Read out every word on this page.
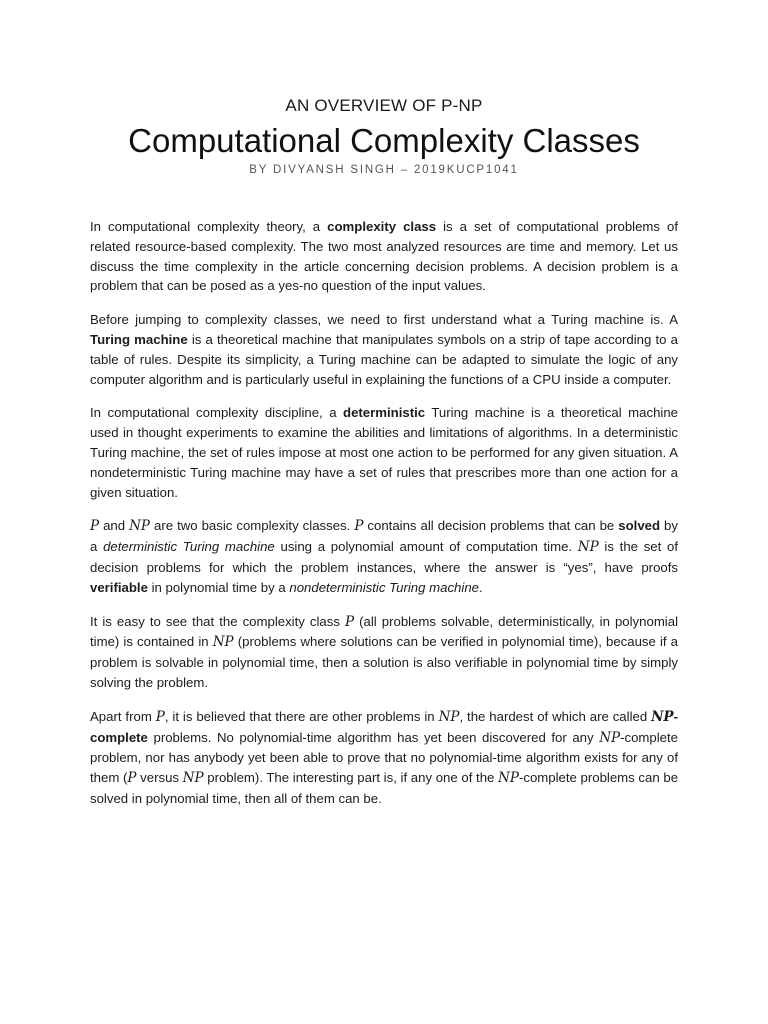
AN OVERVIEW OF P-NP
Computational Complexity Classes
BY DIVYANSH SINGH – 2019KUCP1041

In computational complexity theory, a complexity class is a set of computational problems of related resource-based complexity. The two most analyzed resources are time and memory. Let us discuss the time complexity in the article concerning decision problems. A decision problem is a problem that can be posed as a yes-no question of the input values.

Before jumping to complexity classes, we need to first understand what a Turing machine is. A Turing machine is a theoretical machine that manipulates symbols on a strip of tape according to a table of rules. Despite its simplicity, a Turing machine can be adapted to simulate the logic of any computer algorithm and is particularly useful in explaining the functions of a CPU inside a computer.

In computational complexity discipline, a deterministic Turing machine is a theoretical machine used in thought experiments to examine the abilities and limitations of algorithms. In a deterministic Turing machine, the set of rules impose at most one action to be performed for any given situation. A nondeterministic Turing machine may have a set of rules that prescribes more than one action for a given situation.

P and NP are two basic complexity classes. P contains all decision problems that can be solved by a deterministic Turing machine using a polynomial amount of computation time. NP is the set of decision problems for which the problem instances, where the answer is “yes”, have proofs verifiable in polynomial time by a nondeterministic Turing machine.

It is easy to see that the complexity class P (all problems solvable, deterministically, in polynomial time) is contained in NP (problems where solutions can be verified in polynomial time), because if a problem is solvable in polynomial time, then a solution is also verifiable in polynomial time by simply solving the problem.

Apart from P, it is believed that there are other problems in NP, the hardest of which are called NP-complete problems. No polynomial-time algorithm has yet been discovered for any NP-complete problem, nor has anybody yet been able to prove that no polynomial-time algorithm exists for any of them (P versus NP problem). The interesting part is, if any one of the NP-complete problems can be solved in polynomial time, then all of them can be.
